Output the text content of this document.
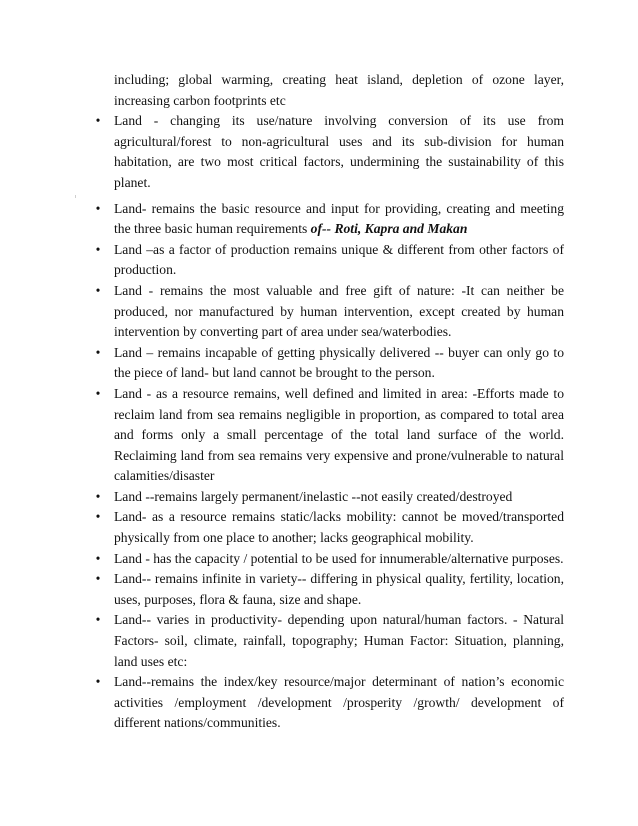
including; global warming, creating heat island, depletion of ozone layer, increasing carbon footprints etc

• Land - changing its use/nature involving conversion of its use from agricultural/forest to non-agricultural uses and its sub-division for human habitation, are two most critical factors, undermining the sustainability of this planet.

• Land- remains the basic resource and input for providing, creating and meeting the three basic human requirements of-- Roti, Kapra and Makan

• Land –as a factor of production remains unique & different from other factors of production.

• Land - remains the most valuable and free gift of nature: -It can neither be produced, nor manufactured by human intervention, except created by human intervention by converting part of area under sea/waterbodies.

• Land – remains incapable of getting physically delivered -- buyer can only go to the piece of land- but land cannot be brought to the person.

• Land - as a resource remains, well defined and limited in area: -Efforts made to reclaim land from sea remains negligible in proportion, as compared to total area and forms only a small percentage of the total land surface of the world. Reclaiming land from sea remains very expensive and prone/vulnerable to natural calamities/disaster

• Land --remains largely permanent/inelastic --not easily created/destroyed

• Land- as a resource remains static/lacks mobility: cannot be moved/transported physically from one place to another; lacks geographical mobility.

• Land - has the capacity / potential to be used for innumerable/alternative purposes.

• Land-- remains infinite in variety-- differing in physical quality, fertility, location, uses, purposes, flora & fauna, size and shape.

• Land-- varies in productivity- depending upon natural/human factors. - Natural Factors- soil, climate, rainfall, topography; Human Factor: Situation, planning, land uses etc:

• Land--remains the index/key resource/major determinant of nation’s economic activities /employment /development /prosperity /growth/ development of different nations/communities.
